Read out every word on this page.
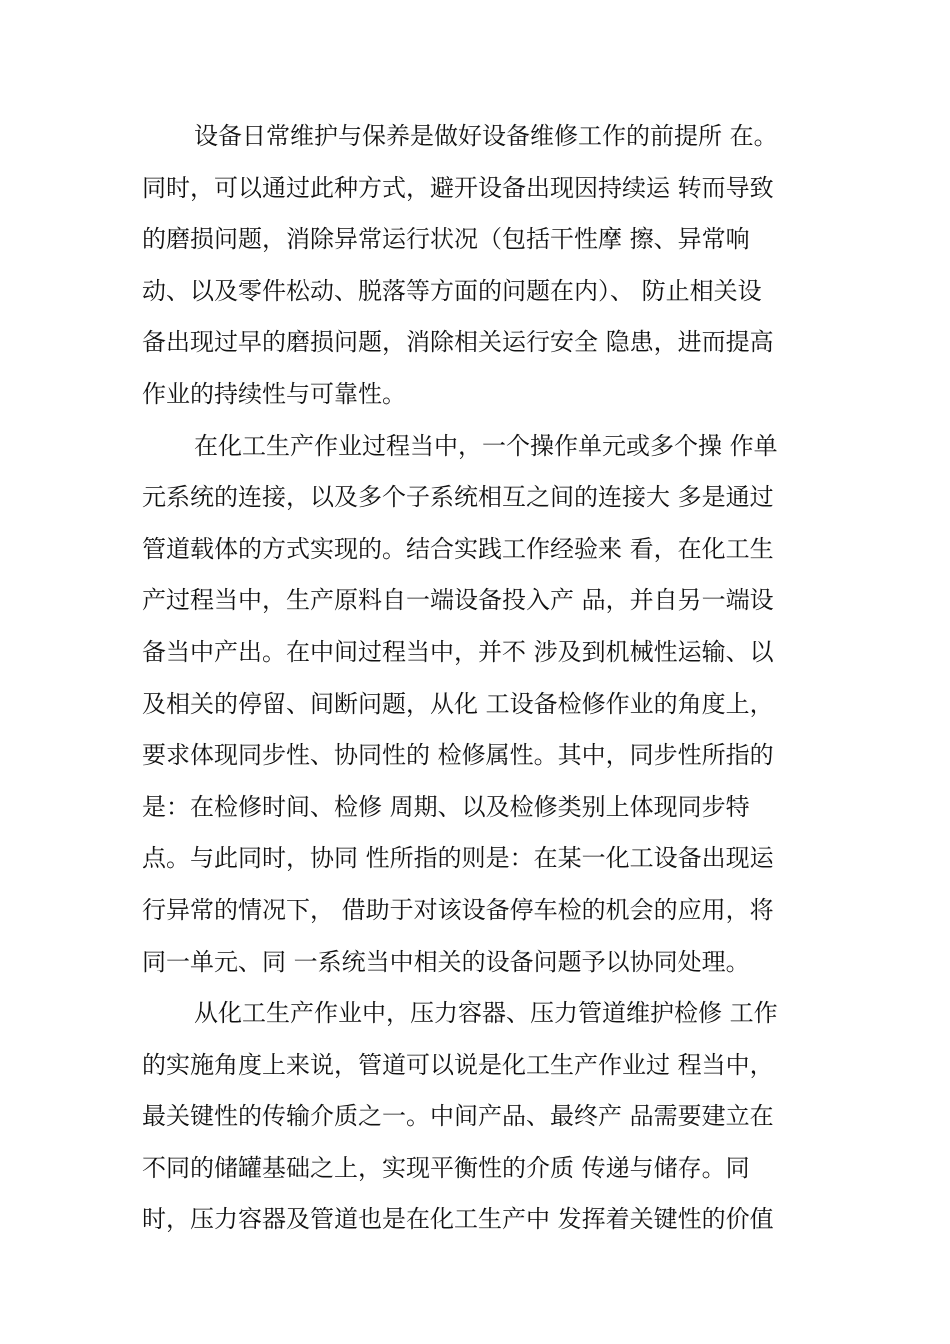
设备日常维护与保养是做好设备维修工作的前提所 在。
同时，可以通过此种方式，避开设备出现因持续运 转而导致
的磨损问题，消除异常运行状况（包括干性摩 擦、异常响
动、以及零件松动、脱落等方面的问题在内）、 防止相关设
备出现过早的磨损问题，消除相关运行安全 隐患，进而提高
作业的持续性与可靠性。
在化工生产作业过程当中，一个操作单元或多个操 作单
元系统的连接，以及多个子系统相互之间的连接大 多是通过
管道载体的方式实现的。结合实践工作经验来 看，在化工生
产过程当中，生产原料自一端设备投入产 品，并自另一端设
备当中产出。在中间过程当中，并不 涉及到机械性运输、以
及相关的停留、间断问题，从化 工设备检修作业的角度上，
要求体现同步性、协同性的 检修属性。其中，同步性所指的
是：在检修时间、检修 周期、以及检修类别上体现同步特
点。与此同时，协同 性所指的则是：在某一化工设备出现运
行异常的情况下， 借助于对该设备停车检的机会的应用，将
同一单元、同 一系统当中相关的设备问题予以协同处理。
从化工生产作业中，压力容器、压力管道维护检修 工作
的实施角度上来说，管道可以说是化工生产作业过 程当中，
最关键性的传输介质之一。中间产品、最终产 品需要建立在
不同的储罐基础之上，实现平衡性的介质 传递与储存。同
时，压力容器及管道也是在化工生产中 发挥着关键性的价值
